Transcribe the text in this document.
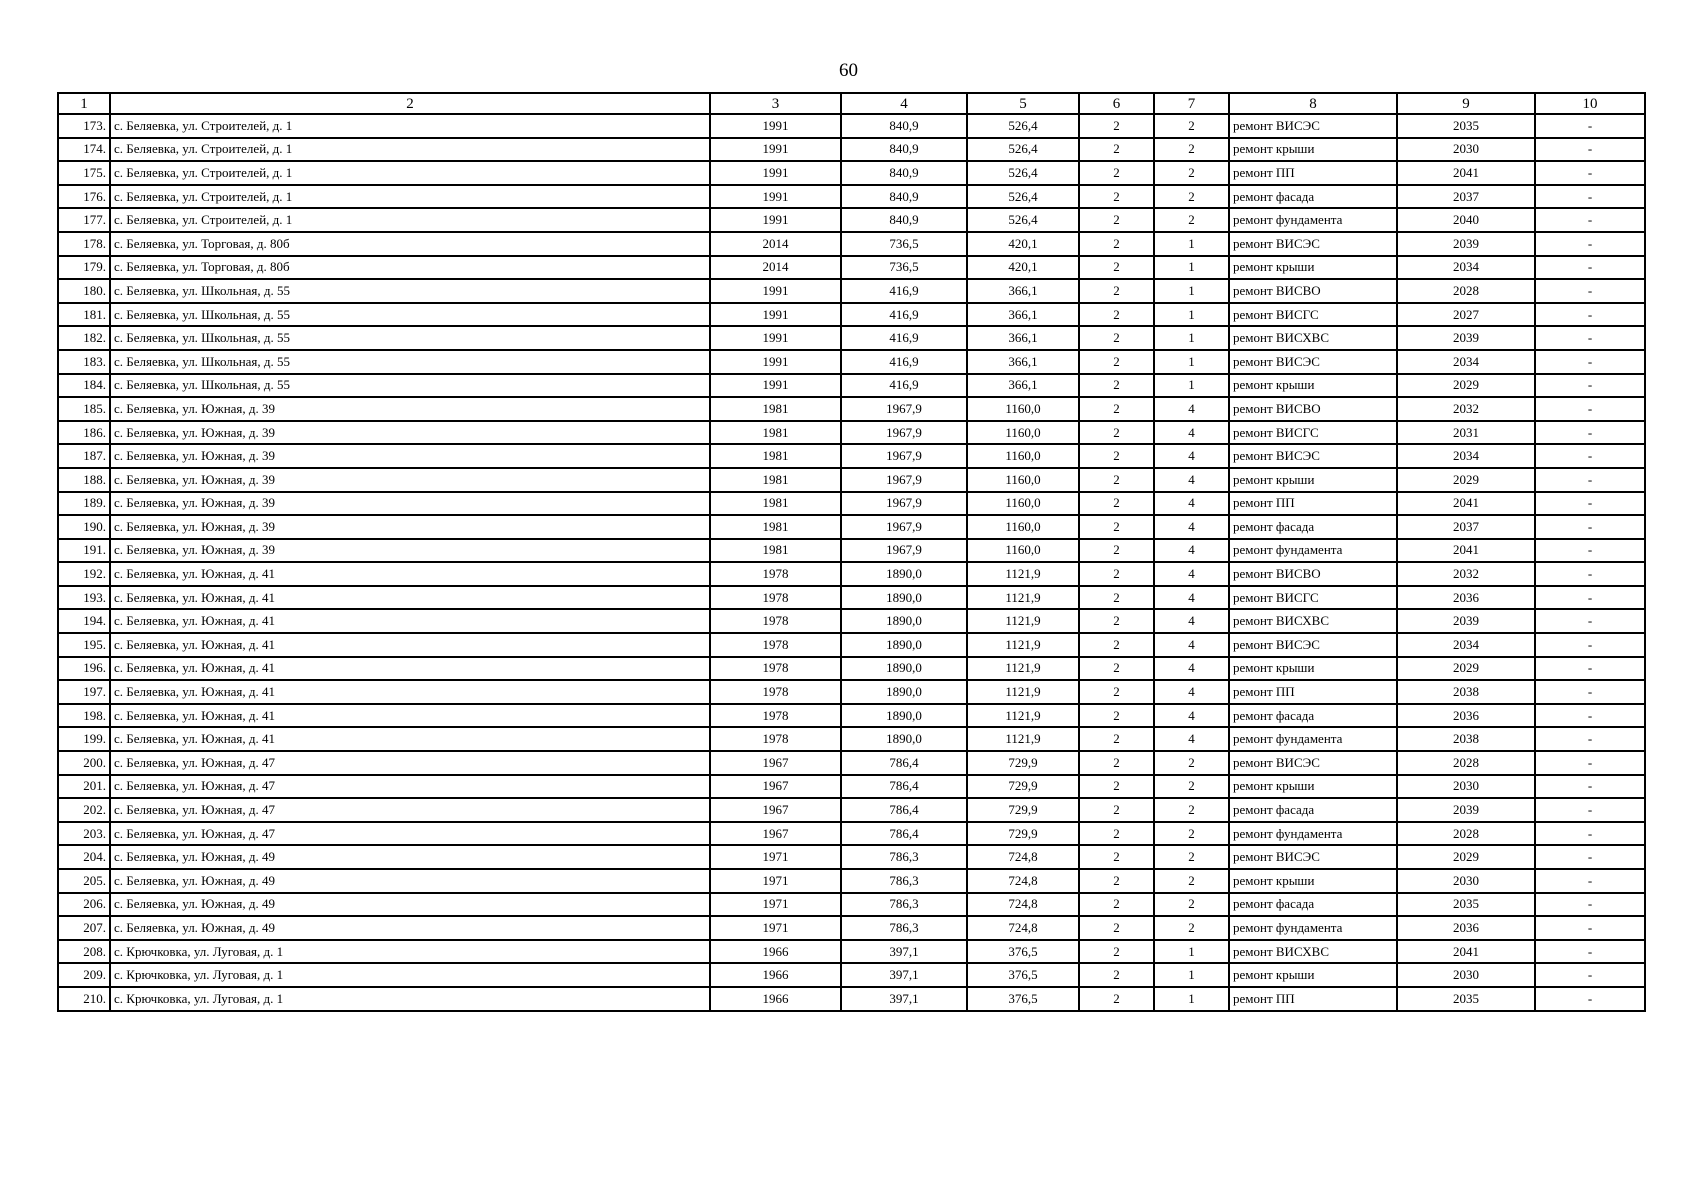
60
1	2	3	4	5	6	7	8	9	10
173.	с. Беляевка, ул. Строителей, д. 1	1991	840,9	526,4	2	2	ремонт ВИСЭС	2035	-
174.	с. Беляевка, ул. Строителей, д. 1	1991	840,9	526,4	2	2	ремонт крыши	2030	-
175.	с. Беляевка, ул. Строителей, д. 1	1991	840,9	526,4	2	2	ремонт ПП	2041	-
176.	с. Беляевка, ул. Строителей, д. 1	1991	840,9	526,4	2	2	ремонт фасада	2037	-
177.	с. Беляевка, ул. Строителей, д. 1	1991	840,9	526,4	2	2	ремонт фундамента	2040	-
178.	с. Беляевка, ул. Торговая, д. 80б	2014	736,5	420,1	2	1	ремонт ВИСЭС	2039	-
179.	с. Беляевка, ул. Торговая, д. 80б	2014	736,5	420,1	2	1	ремонт крыши	2034	-
180.	с. Беляевка, ул. Школьная, д. 55	1991	416,9	366,1	2	1	ремонт ВИСВО	2028	-
181.	с. Беляевка, ул. Школьная, д. 55	1991	416,9	366,1	2	1	ремонт ВИСГС	2027	-
182.	с. Беляевка, ул. Школьная, д. 55	1991	416,9	366,1	2	1	ремонт ВИСХВС	2039	-
183.	с. Беляевка, ул. Школьная, д. 55	1991	416,9	366,1	2	1	ремонт ВИСЭС	2034	-
184.	с. Беляевка, ул. Школьная, д. 55	1991	416,9	366,1	2	1	ремонт крыши	2029	-
185.	с. Беляевка, ул. Южная, д. 39	1981	1967,9	1160,0	2	4	ремонт ВИСВО	2032	-
186.	с. Беляевка, ул. Южная, д. 39	1981	1967,9	1160,0	2	4	ремонт ВИСГС	2031	-
187.	с. Беляевка, ул. Южная, д. 39	1981	1967,9	1160,0	2	4	ремонт ВИСЭС	2034	-
188.	с. Беляевка, ул. Южная, д. 39	1981	1967,9	1160,0	2	4	ремонт крыши	2029	-
189.	с. Беляевка, ул. Южная, д. 39	1981	1967,9	1160,0	2	4	ремонт ПП	2041	-
190.	с. Беляевка, ул. Южная, д. 39	1981	1967,9	1160,0	2	4	ремонт фасада	2037	-
191.	с. Беляевка, ул. Южная, д. 39	1981	1967,9	1160,0	2	4	ремонт фундамента	2041	-
192.	с. Беляевка, ул. Южная, д. 41	1978	1890,0	1121,9	2	4	ремонт ВИСВО	2032	-
193.	с. Беляевка, ул. Южная, д. 41	1978	1890,0	1121,9	2	4	ремонт ВИСГС	2036	-
194.	с. Беляевка, ул. Южная, д. 41	1978	1890,0	1121,9	2	4	ремонт ВИСХВС	2039	-
195.	с. Беляевка, ул. Южная, д. 41	1978	1890,0	1121,9	2	4	ремонт ВИСЭС	2034	-
196.	с. Беляевка, ул. Южная, д. 41	1978	1890,0	1121,9	2	4	ремонт крыши	2029	-
197.	с. Беляевка, ул. Южная, д. 41	1978	1890,0	1121,9	2	4	ремонт ПП	2038	-
198.	с. Беляевка, ул. Южная, д. 41	1978	1890,0	1121,9	2	4	ремонт фасада	2036	-
199.	с. Беляевка, ул. Южная, д. 41	1978	1890,0	1121,9	2	4	ремонт фундамента	2038	-
200.	с. Беляевка, ул. Южная, д. 47	1967	786,4	729,9	2	2	ремонт ВИСЭС	2028	-
201.	с. Беляевка, ул. Южная, д. 47	1967	786,4	729,9	2	2	ремонт крыши	2030	-
202.	с. Беляевка, ул. Южная, д. 47	1967	786,4	729,9	2	2	ремонт фасада	2039	-
203.	с. Беляевка, ул. Южная, д. 47	1967	786,4	729,9	2	2	ремонт фундамента	2028	-
204.	с. Беляевка, ул. Южная, д. 49	1971	786,3	724,8	2	2	ремонт ВИСЭС	2029	-
205.	с. Беляевка, ул. Южная, д. 49	1971	786,3	724,8	2	2	ремонт крыши	2030	-
206.	с. Беляевка, ул. Южная, д. 49	1971	786,3	724,8	2	2	ремонт фасада	2035	-
207.	с. Беляевка, ул. Южная, д. 49	1971	786,3	724,8	2	2	ремонт фундамента	2036	-
208.	с. Крючковка, ул. Луговая, д. 1	1966	397,1	376,5	2	1	ремонт ВИСХВС	2041	-
209.	с. Крючковка, ул. Луговая, д. 1	1966	397,1	376,5	2	1	ремонт крыши	2030	-
210.	с. Крючковка, ул. Луговая, д. 1	1966	397,1	376,5	2	1	ремонт ПП	2035	-
